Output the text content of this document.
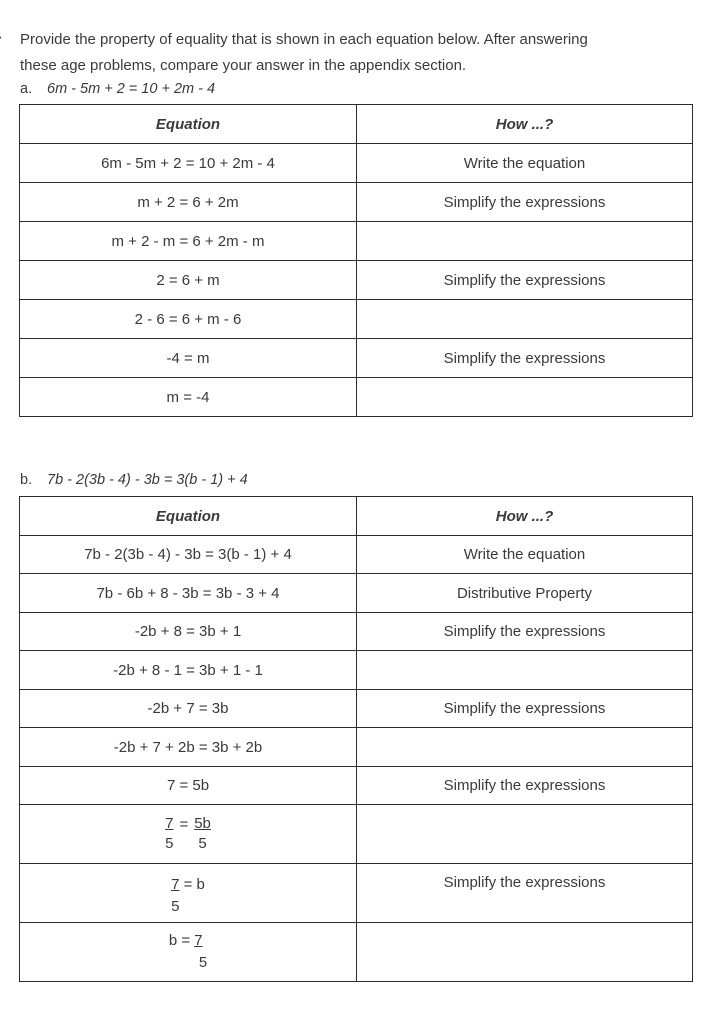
Provide the property of equality that is shown in each equation below. After answering

these age problems, compare your answer in the appendix section.

a. 6m - 5m + 2 = 10 + 2m - 4
Equation	How ...?
6m - 5m + 2 = 10 + 2m - 4	Write the equation
m + 2 = 6 + 2m	Simplify the expressions
m + 2 - m = 6 + 2m - m	
2 = 6 + m	Simplify the expressions
2 - 6 = 6 + m - 6	
-4 = m	Simplify the expressions
m = -4	
b. 7b - 2(3b - 4) - 3b = 3(b - 1) + 4
Equation	How ...?
7b - 2(3b - 4) - 3b = 3(b - 1) + 4	Write the equation
7b - 6b + 8 - 3b = 3b - 3 + 4	Distributive Property
-2b + 8 = 3b + 1	Simplify the expressions
-2b + 8 - 1 = 3b + 1 - 1	
-2b + 7 = 3b	Simplify the expressions
-2b + 7 + 2b = 3b + 2b	
7 = 5b	Simplify the expressions

$\frac{7}{5} = \frac{5b}{5}$

7 = b
5	Simplify the expressions

b = 7
5	
